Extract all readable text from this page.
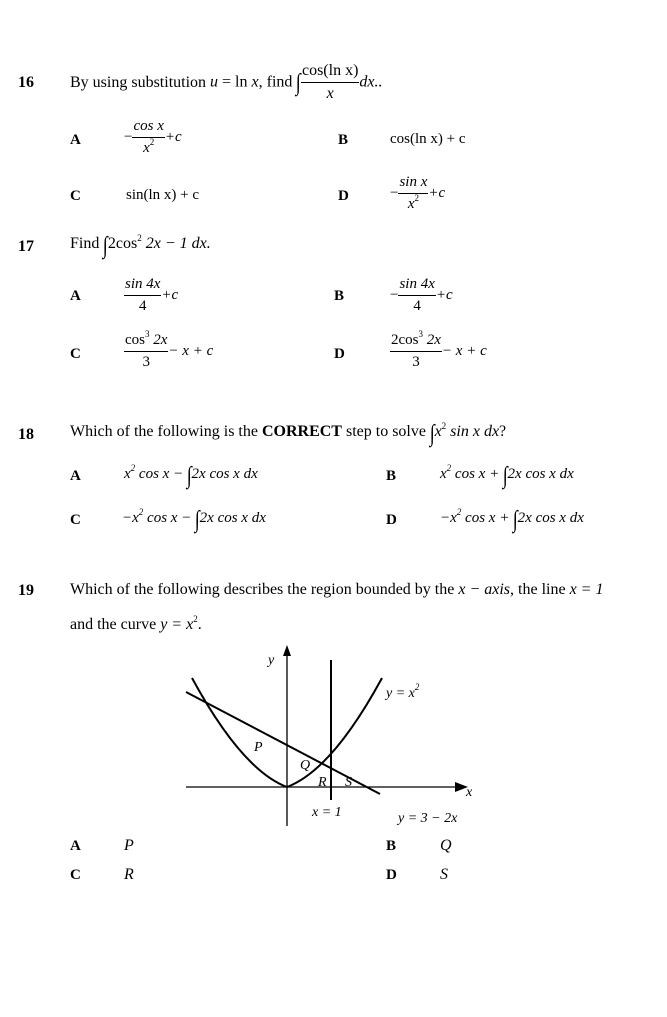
16 By using substitution u = ln x, find ∫ $\frac{\text{cos(ln x)}}{x}$ dx..
A	− $\frac{\text{cos x}}{x^2} +c$	B	cos(ln x) + c
C	sin(ln x) + c	D	− $\frac{\text{sin x}}{x^2} +c$
17 Find $\int 2\cos^2$ 2x − 1 dx.
A	$\frac{\sin 4x}{4} +c$	B	− $\frac{\sin 4x}{4} +c$
C	$\frac{\cos^3 2x}{3} - x + c$	D	$\frac{2\cos^3 2x}{3} - x + c$
18 Which of the following is the CORRECT step to solve $\int x^2$ sin x dx?
A	$x^2$ cos x − ∫2x cos x dx	B	$x^2$ cos x + ∫2x cos x dx
C	$-x^2$ cos x − ∫2x cos x dx	D	$-x^2$ cos x + ∫2x cos x dx
19 Which of the following describes the region bounded by the x − axis, the line x = 1
and the curve $y = x^2$.
y
x
$y = x^2$
P
Q
R S
x = 1	y = 3 − 2x
A	P	B	Q
C	R	D	S
